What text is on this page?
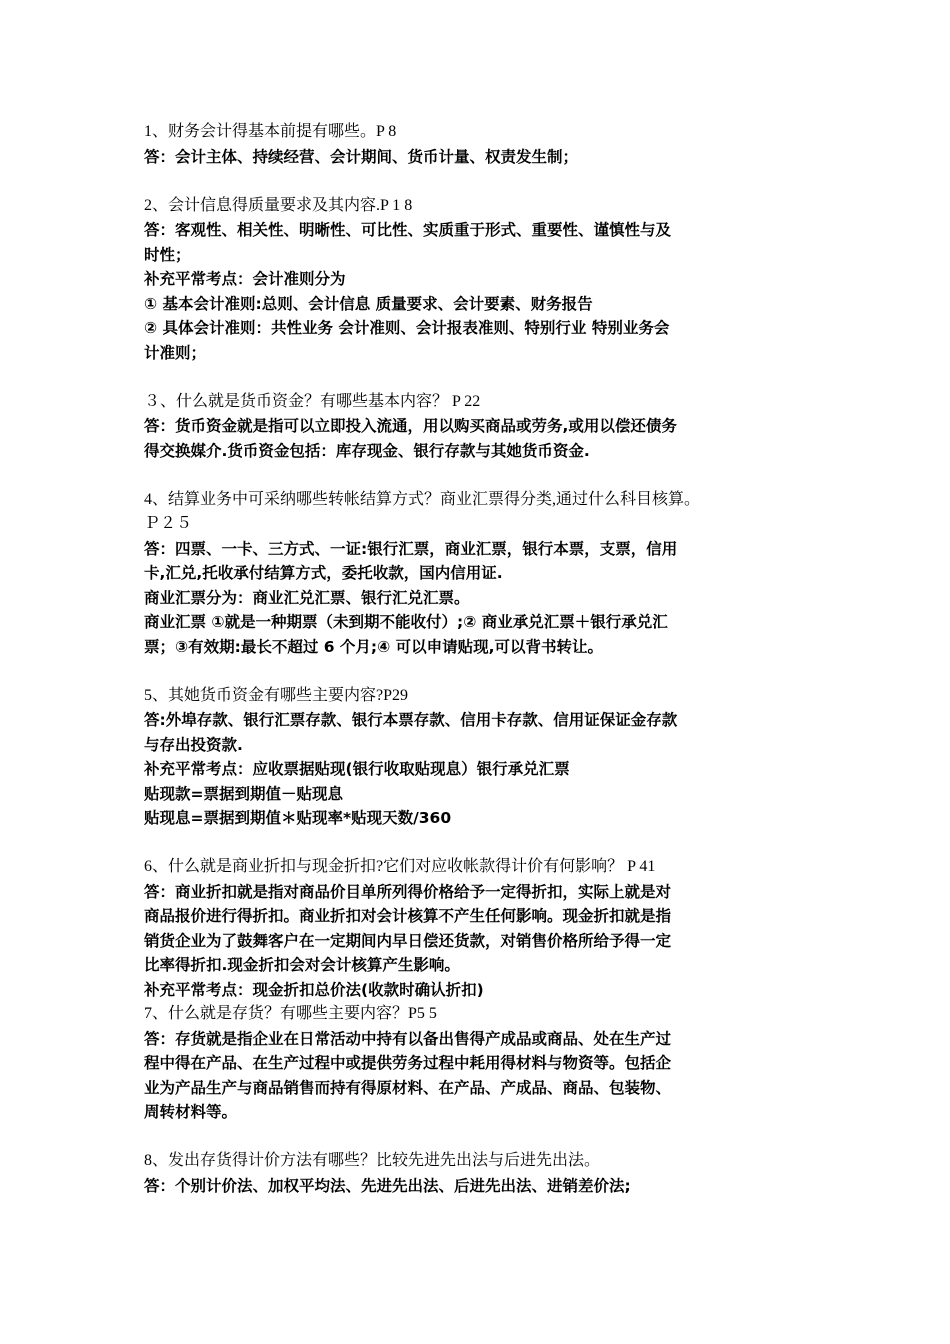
1、财务会计得基本前提有哪些。P 8
答：会计主体、持续经营、会计期间、货币计量、权责发生制；
2、会计信息得质量要求及其内容.P 1 8
答：客观性、相关性、明晰性、可比性、实质重于形式、重要性、谨慎性与及
时性；
补充平常考点：会计准则分为
① 基本会计准则:总则、会计信息 质量要求、会计要素、财务报告
② 具体会计准则：共性业务 会计准则、会计报表准则、特别行业 特别业务会
计准则；
３、什么就是货币资金？有哪些基本内容？ P 22
答：货币资金就是指可以立即投入流通，用以购买商品或劳务,或用以偿还债务
得交换媒介.货币资金包括：库存现金、银行存款与其她货币资金.
4、结算业务中可采纳哪些转帐结算方式？商业汇票得分类,通过什么科目核算。
Ｐ２５
答：四票、一卡、三方式、一证:银行汇票，商业汇票，银行本票，支票，信用
卡,汇兑,托收承付结算方式，委托收款，国内信用证.
商业汇票分为：商业汇兑汇票、银行汇兑汇票。
商业汇票 ①就是一种期票（未到期不能收付）;② 商业承兑汇票＋银行承兑汇
票；③有效期:最长不超过 6 个月;④ 可以申请贴现,可以背书转让。
5、其她货币资金有哪些主要内容?P29
答:外埠存款、银行汇票存款、银行本票存款、信用卡存款、信用证保证金存款
与存出投资款.
补充平常考点：应收票据贴现(银行收取贴现息）银行承兑汇票
贴现款=票据到期值－贴现息
贴现息=票据到期值＊贴现率*贴现天数/360
6、什么就是商业折扣与现金折扣?它们对应收帐款得计价有何影响？ P 41
答：商业折扣就是指对商品价目单所列得价格给予一定得折扣，实际上就是对
商品报价进行得折扣。商业折扣对会计核算不产生任何影响。现金折扣就是指
销货企业为了鼓舞客户在一定期间内早日偿还货款，对销售价格所给予得一定
比率得折扣.现金折扣会对会计核算产生影响。
补充平常考点：现金折扣总价法(收款时确认折扣)
7、什么就是存货？有哪些主要内容？P5 5
答：存货就是指企业在日常活动中持有以备出售得产成品或商品、处在生产过
程中得在产品、在生产过程中或提供劳务过程中耗用得材料与物资等。包括企
业为产品生产与商品销售而持有得原材料、在产品、产成品、商品、包装物、
周转材料等。
8、发出存货得计价方法有哪些？比较先进先出法与后进先出法。
答：个别计价法、加权平均法、先进先出法、后进先出法、进销差价法;
